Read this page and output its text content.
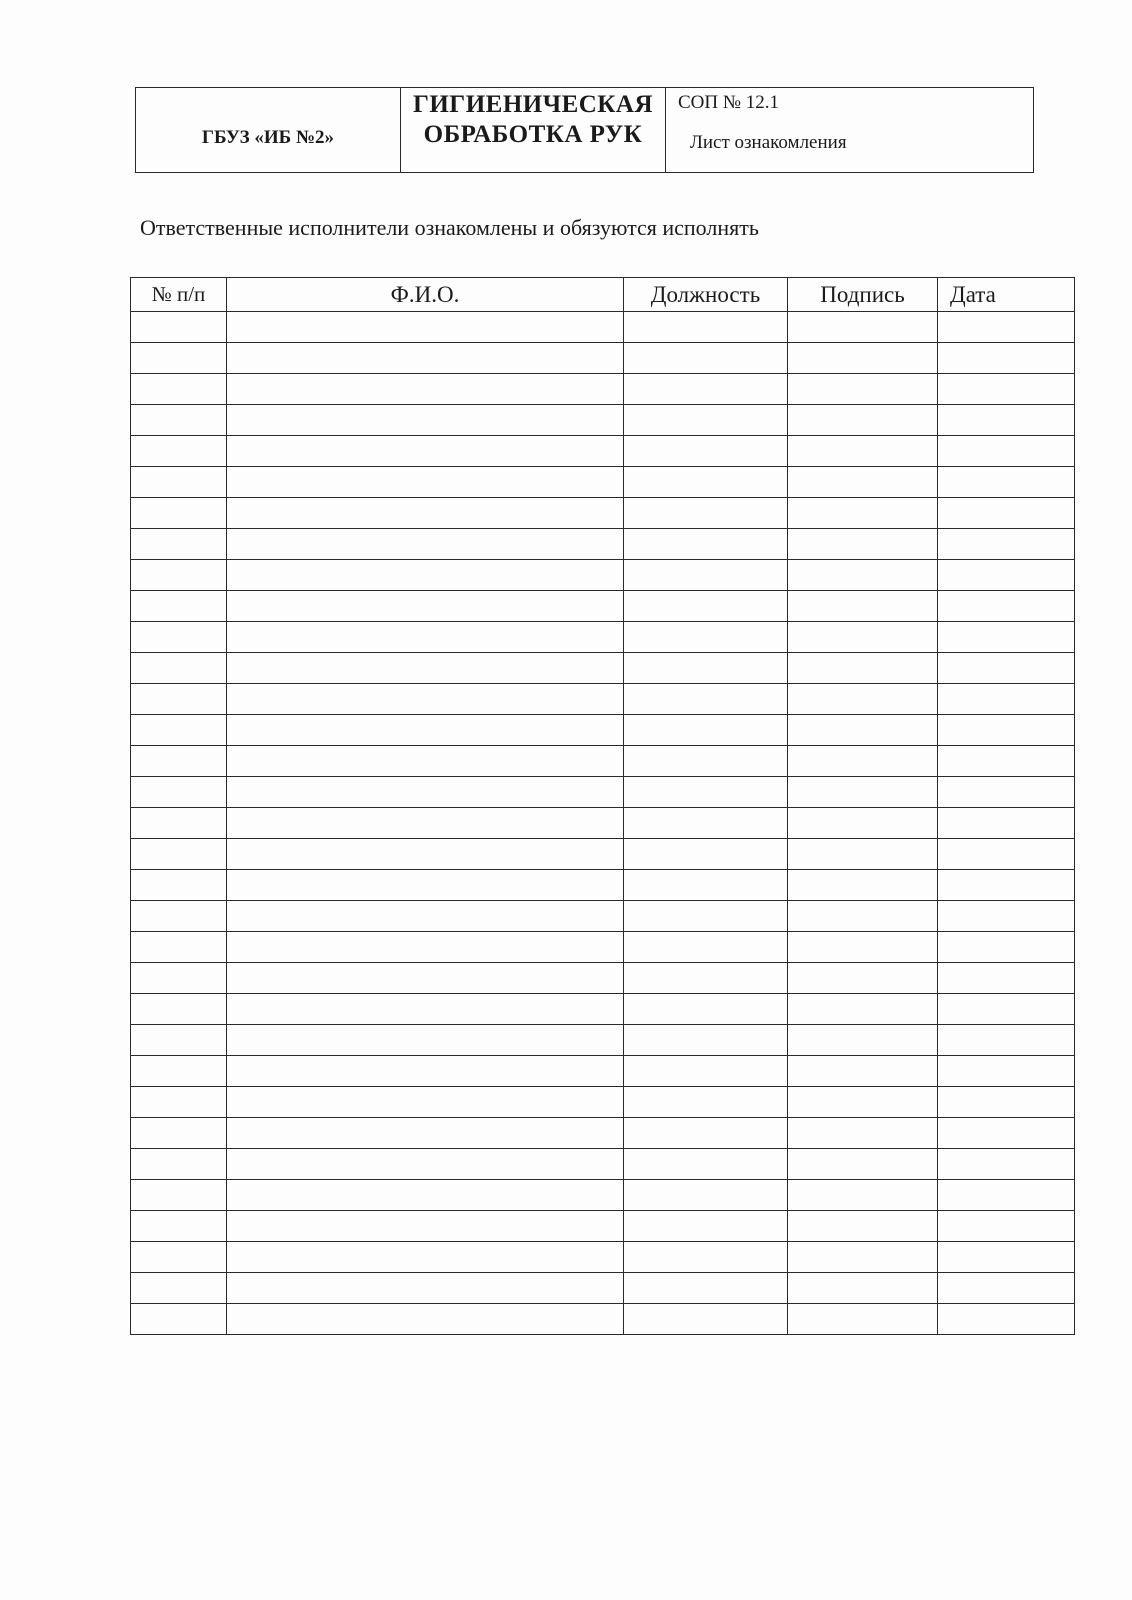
ГБУЗ «ИБ №2»	
ГИГИЕНИЧЕСКАЯ
ОБРАБОТКА РУК

СОП № 12.1
Лист ознакомления
Ответственные исполнители ознакомлены и обязуются исполнять
№ п/п	Ф.И.О.	Должность	Подпись	Дата
